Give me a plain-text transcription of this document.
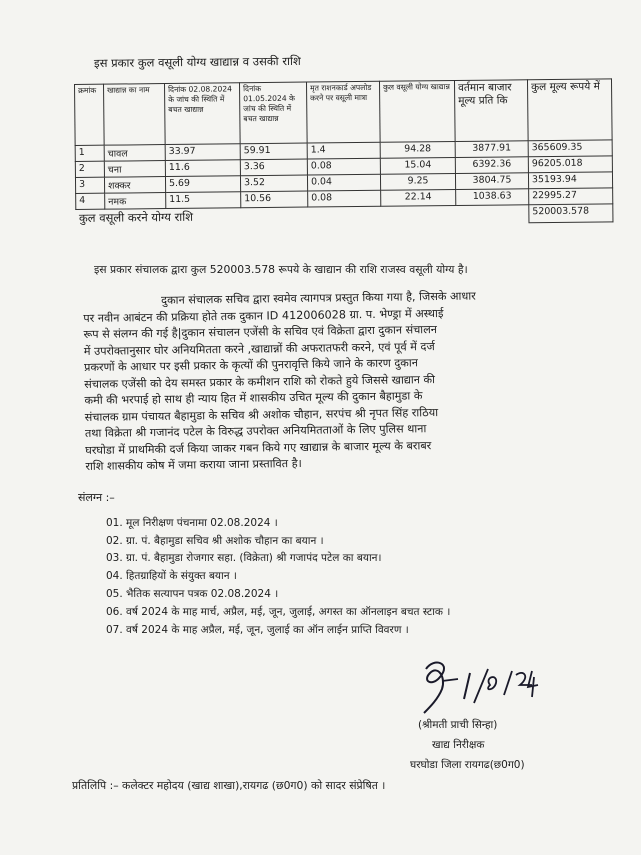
इस प्रकार कुल वसूली योग्य खाद्यान्न व उसकी राशि
क्रमांक	खाद्यान्न का नाम	दिनांक 02.08.2024 के जांच की स्थिति में बचत खाद्यान्न	दिनांक 01.05.2024 के जांच की स्थिति में बचत खाद्यान्न	मृत राशनकार्ड अपलोड करने पर वसूली मात्रा	कुल वसूली योग्य खाद्यान्न	वर्तमान बाजार मूल्य प्रति कि	कुल मूल्य रूपये में
1	चावल	33.97	59.91	1.4	94.28	3877.91	365609.35
2	चना	11.6	3.36	0.08	15.04	6392.36	96205.018
3	शक्कर	5.69	3.52	0.04	9.25	3804.75	35193.94
4	नमक	11.5	10.56	0.08	22.14	1038.63	22995.27
कुल वसूली करने योग्य राशि							520003.578
इस प्रकार संचालक द्वारा कुल 520003.578 रूपये के खाद्यान की राशि राजस्व वसूली योग्य है।
दुकान संचालक सचिव द्वारा स्वमेव त्यागपत्र प्रस्तुत किया गया है, जिसके आधार
पर नवीन आबंटन की प्रक्रिया होते तक दुकान ID 412006028 ग्रा. प. भेण्ड्रा में अस्थाई
रूप से संलग्न की गई है|दुकान संचालन एजेंसी के सचिव एवं विक्रेता द्वारा दुकान संचालन
में उपरोक्तानुसार घोर अनियमितता करने ,खाद्यान्नों की अफरातफरी करने, एवं पूर्व में दर्ज
प्रकरणों के आधार पर इसी प्रकार के कृत्यों की पुनरावृत्ति किये जाने के कारण दुकान
संचालक एजेंसी को देय समस्त प्रकार के कमीशन राशि को रोकते हुये जिससे खाद्यान की
कमी की भरपाई हो साथ ही न्याय हित में शासकीय उचित मूल्य की दुकान बैहामुडा के
संचालक ग्राम पंचायत बैहामुडा के सचिव श्री अशोक चौहान, सरपंच श्री नृपत सिंह राठिया
तथा विक्रेता श्री गजानंद पटेल के विरुद्ध उपरोक्त अनियमितताओं के लिए पुलिस थाना
घरघोडा में प्राथमिकी दर्ज किया जाकर गबन किये गए खाद्यान्न के बाजार मूल्य के बराबर
राशि शासकीय कोष में जमा कराया जाना प्रस्तावित है।
संलग्न :–
01. मूल निरीक्षण पंचनामा 02.08.2024 ।
02. ग्रा. पं. बैहामुडा सचिव श्री अशोक चौहान का बयान ।
03. ग्रा. पं. बैहामुडा रोजगार सहा. (विक्रेता) श्री गजापंद पटेल का बयान।
04. हितग्राहियों के संयुक्त बयान ।
05. भैतिक सत्यापन पत्रक 02.08.2024 ।
06. वर्ष 2024 के माह मार्च, अप्रैल, मई, जून, जुलाई, अगस्त का ऑनलाइन बचत स्टाक ।
07. वर्ष 2024 के माह अप्रैल, मई, जून, जुलाई का ऑन लाईन प्राप्ति विवरण ।
(श्रीमती प्राची सिन्हा)
खाद्य निरीक्षक
घरघोडा जिला रायगढ(छ0ग0)
प्रतिलिपि :– कलेक्टर महोदय (खाद्य शाखा),रायगढ (छ0ग0) को सादर संप्रेषित ।
